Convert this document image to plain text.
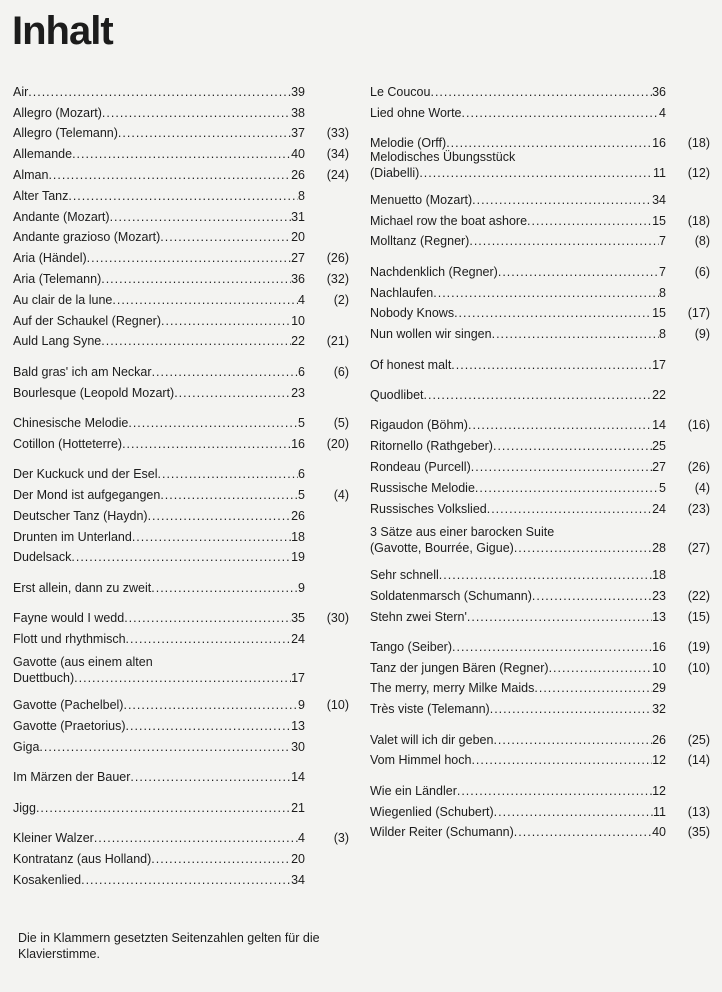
Inhalt
Air .....	39
Allegro (Mozart) .....	38
Allegro (Telemann) .....	37	(33)
Allemande .....	40	(34)
Alman .....	26	(24)
Alter Tanz .....	8
Andante (Mozart) .....	31
Andante grazioso (Mozart) .....	20
Aria (Händel) .....	27	(26)
Aria (Telemann) .....	36	(32)
Au clair de la lune .....	4	(2)
Auf der Schaukel (Regner) .....	10
Auld Lang Syne .....	22	(21)
Bald gras' ich am Neckar .....	6	(6)
Bourlesque (Leopold Mozart) .....	23
Chinesische Melodie .....	5	(5)
Cotillon (Hotteterre) .....	16	(20)
Der Kuckuck und der Esel .....	6
Der Mond ist aufgegangen .....	5	(4)
Deutscher Tanz (Haydn) .....	26
Drunten im Unterland .....	18
Dudelsack .....	19
Erst allein, dann zu zweit .....	9
Fayne would I wedd .....	35	(30)
Flott und rhythmisch .....	24
Gavotte (aus einem alten
Duettbuch) .....	17
Gavotte (Pachelbel) .....	9	(10)
Gavotte (Praetorius) .....	13
Giga .....	30
Im Märzen der Bauer .....	14
Jigg .....	21
Kleiner Walzer .....	4	(3)
Kontratanz (aus Holland) .....	20
Kosakenlied .....	34
Le Coucou .....	36
Lied ohne Worte .....	4
Melodie (Orff) .....	16	(18)
Melodisches Übungsstück
(Diabelli) .....	11	(12)
Menuetto (Mozart) .....	34
Michael row the boat ashore .....	15	(18)
Molltanz (Regner) .....	7	(8)
Nachdenklich (Regner) .....	7	(6)
Nachlaufen .....	8
Nobody Knows .....	15	(17)
Nun wollen wir singen .....	8	(9)
Of honest malt .....	17
Quodlibet .....	22
Rigaudon (Böhm) .....	14	(16)
Ritornello (Rathgeber) .....	25
Rondeau (Purcell) .....	27	(26)
Russische Melodie .....	5	(4)
Russisches Volkslied .....	24	(23)
3 Sätze aus einer barocken Suite
(Gavotte, Bourrée, Gigue) .....	28	(27)
Sehr schnell .....	18
Soldatenmarsch (Schumann) .....	23	(22)
Stehn zwei Stern' .....	13	(15)
Tango (Seiber) .....	16	(19)
Tanz der jungen Bären (Regner) .....	10	(10)
The merry, merry Milke Maids .....	29
Très viste (Telemann) .....	32
Valet will ich dir geben .....	26	(25)
Vom Himmel hoch .....	12	(14)
Wie ein Ländler .....	12
Wiegenlied (Schubert) .....	11	(13)
Wilder Reiter (Schumann) .....	40	(35)
Die in Klammern gesetzten Seitenzahlen gelten für die Klavierstimme.
